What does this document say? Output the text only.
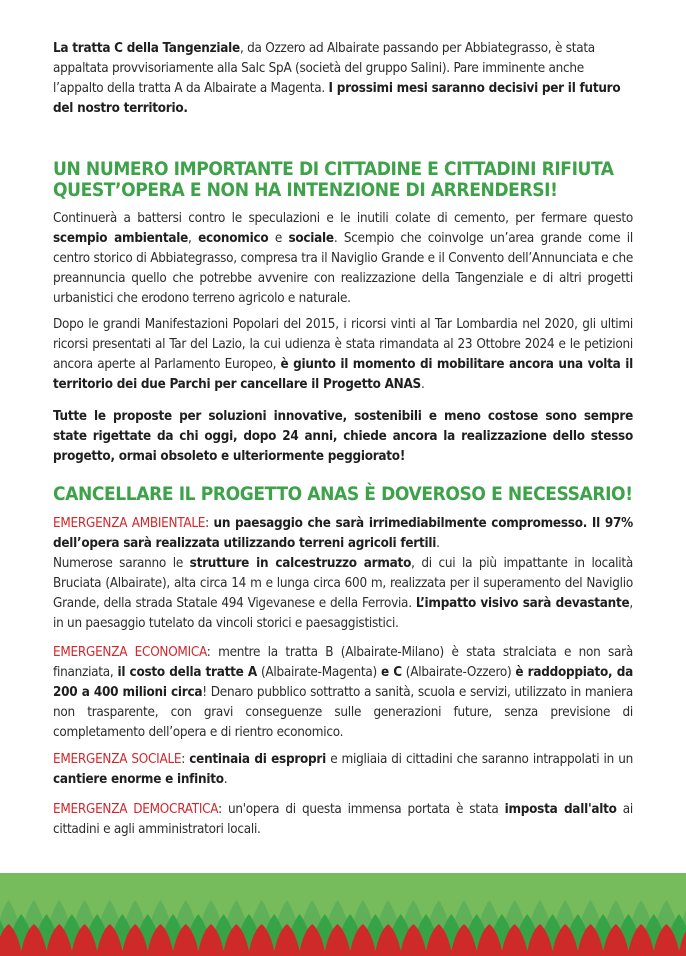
La tratta C della Tangenziale, da Ozzero ad Albairate passando per Abbiategrasso, è stata appaltata provvisoriamente alla Salc SpA (società del gruppo Salini). Pare imminente anche l’appalto della tratta A da Albairate a Magenta. I prossimi mesi saranno decisivi per il futuro del nostro territorio.

UN NUMERO IMPORTANTE DI CITTADINE E CITTADINI RIFIUTA
QUEST’OPERA E NON HA INTENZIONE DI ARRENDERSI!

Continuerà a battersi contro le speculazioni e le inutili colate di cemento, per fermare questo scempio ambientale, economico e sociale. Scempio che coinvolge un’area grande come il centro storico di Abbiategrasso, compresa tra il Naviglio Grande e il Convento dell’Annunciata e che preannuncia quello che potrebbe avvenire con realizzazione della Tangenziale e di altri progetti urbanistici che erodono terreno agricolo e naturale.

Dopo le grandi Manifestazioni Popolari del 2015, i ricorsi vinti al Tar Lombardia nel 2020, gli ultimi ricorsi presentati al Tar del Lazio, la cui udienza è stata rimandata al 23 Ottobre 2024 e le petizioni ancora aperte al Parlamento Europeo, è giunto il momento di mobilitare ancora una volta il territorio dei due Parchi per cancellare il Progetto ANAS.

Tutte le proposte per soluzioni innovative, sostenibili e meno costose sono sempre state rigettate da chi oggi, dopo 24 anni, chiede ancora la realizzazione dello stesso progetto, ormai obsoleto e ulteriormente peggiorato!

CANCELLARE IL PROGETTO ANAS È DOVEROSO E NECESSARIO!

EMERGENZA AMBIENTALE: un paesaggio che sarà irrimediabilmente compromesso. Il 97% dell’opera sarà realizzata utilizzando terreni agricoli fertili.
Numerose saranno le strutture in calcestruzzo armato, di cui la più impattante in località Bruciata (Albairate), alta circa 14 m e lunga circa 600 m, realizzata per il superamento del Naviglio Grande, della strada Statale 494 Vigevanese e della Ferrovia. L’impatto visivo sarà devastante, in un paesaggio tutelato da vincoli storici e paesaggististici.

EMERGENZA ECONOMICA: mentre la tratta B (Albairate-Milano) è stata stralciata e non sarà finanziata, il costo della tratte A (Albairate-Magenta) e C (Albairate-Ozzero) è raddoppiato, da 200 a 400 milioni circa! Denaro pubblico sottratto a sanità, scuola e servizi, utilizzato in maniera non trasparente, con gravi conseguenze sulle generazioni future, senza previsione di completamento dell’opera e di rientro economico.

EMERGENZA SOCIALE: centinaia di espropri e migliaia di cittadini che saranno intrappolati in un cantiere enorme e infinito.

EMERGENZA DEMOCRATICA: un'opera di questa immensa portata è stata imposta dall'alto ai cittadini e agli amministratori locali.
